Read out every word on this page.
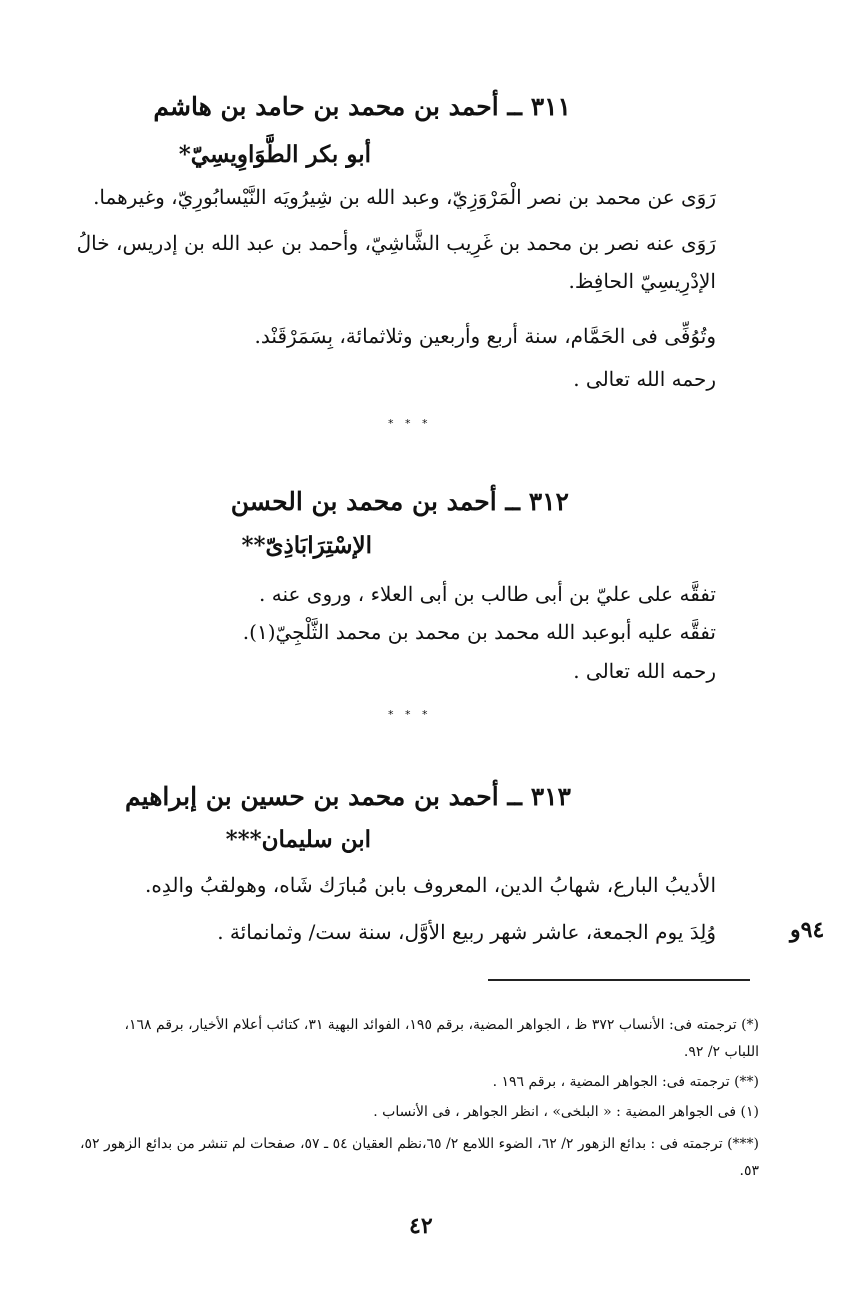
٣١١ ــ أحمد بن محمد بن حامد بن هاشم
أبو بكر الطَّوَاوِيسِيّ*
رَوَى عن محمد بن نصر الْمَرْوَزِيّ، وعبد الله بن شِيرُويَه النَّيْسابُورِيّ، وغيرهما.
رَوَى عنه نصر بن محمد بن غَرِيب الشَّاشِيّ، وأحمد بن عبد الله بن إدريس، خالُ
الإدْرِيسِيّ الحافِظ.
وتُوُفِّى فى الحَمَّام، سنة أربع وأربعين وثلاثمائة، بِسَمَرْقَنْد.
رحمه الله تعالى .
* * *
٣١٢ ــ أحمد بن محمد بن الحسن
الإسْتِرَابَاذِىّ**
تفقَّه على عليّ بن أبى طالب بن أبى العلاء ، وروى عنه .
تفقَّه عليه أبوعبد الله محمد بن محمد بن محمد الثَّلْجِيّ(١).
رحمه الله تعالى .
* * *
٣١٣ ــ أحمد بن محمد بن حسين بن إبراهيم
ابن سليمان***
الأديبُ البارع، شهابُ الدين، المعروف بابن مُبارَك شَاه، وهولقبُ والدِه.
وُلِدَ يوم الجمعة، عاشر شهر ربيع الأوَّل، سنة ست/ وثمانمائة .	٩٤و
(*) ترجمته فى: الأنساب ٣٧٢ ظ ، الجواهر المضية، برقم ١٩٥، الفوائد البهية ٣١، كتائب أعلام الأخيار، برقم ١٦٨،
اللباب ٢/ ٩٢.
(**) ترجمته فى: الجواهر المضية ، برقم ١٩٦ .
(١) فى الجواهر المضية : « البلخى» ، انظر الجواهر ، فى الأنساب .
(***) ترجمته فى : بدائع الزهور ٢/ ٦٢، الضوء اللامع ٢/ ٦٥،نظم العقيان ٥٤ ـ ٥٧، صفحات لم تنشر من بدائع الزهور ٥٢،
٥٣.
٤٢
